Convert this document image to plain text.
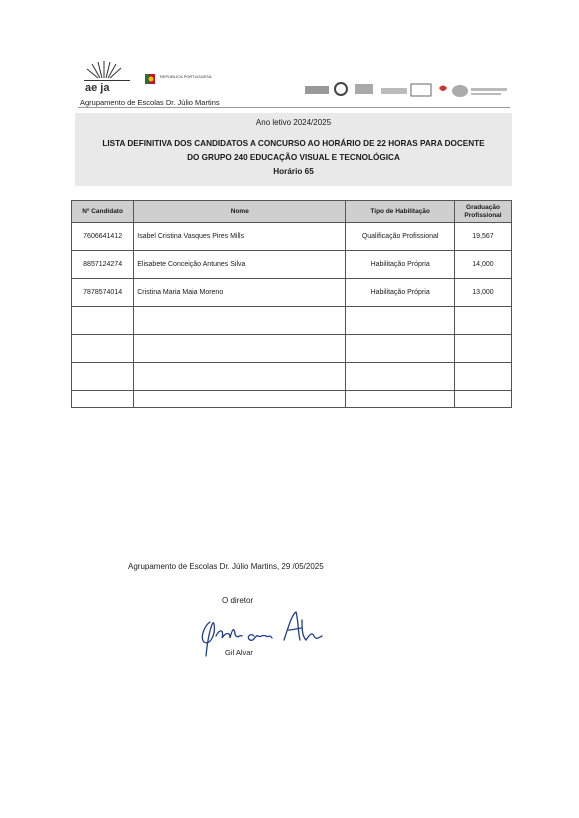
ae ja
REPÚBLICA PORTUGUESA
Agrupamento de Escolas Dr. Júlio Martins
Ano letivo 2024/2025
LISTA DEFINITIVA DOS CANDIDATOS A CONCURSO AO HORÁRIO DE 22 HORAS PARA DOCENTE
DO GRUPO 240 EDUCAÇÃO VISUAL E TECNOLÓGICA
Horário 65
Nº Candidato	Nome	Tipo de Habilitação	Graduação
Profissional
7606641412	Isabel Cristina Vasques Pires Mills	Qualificação Profissional	19,567
8857124274	Elisabete Conceição Antunes Silva	Habilitação Própria	14,000
7878574014	Cristina Maria Maia Moreno	Habilitação Própria	13,000

Agrupamento de Escolas Dr. Júlio Martins, 29 /05/2025
O diretor
Gil Alvar
